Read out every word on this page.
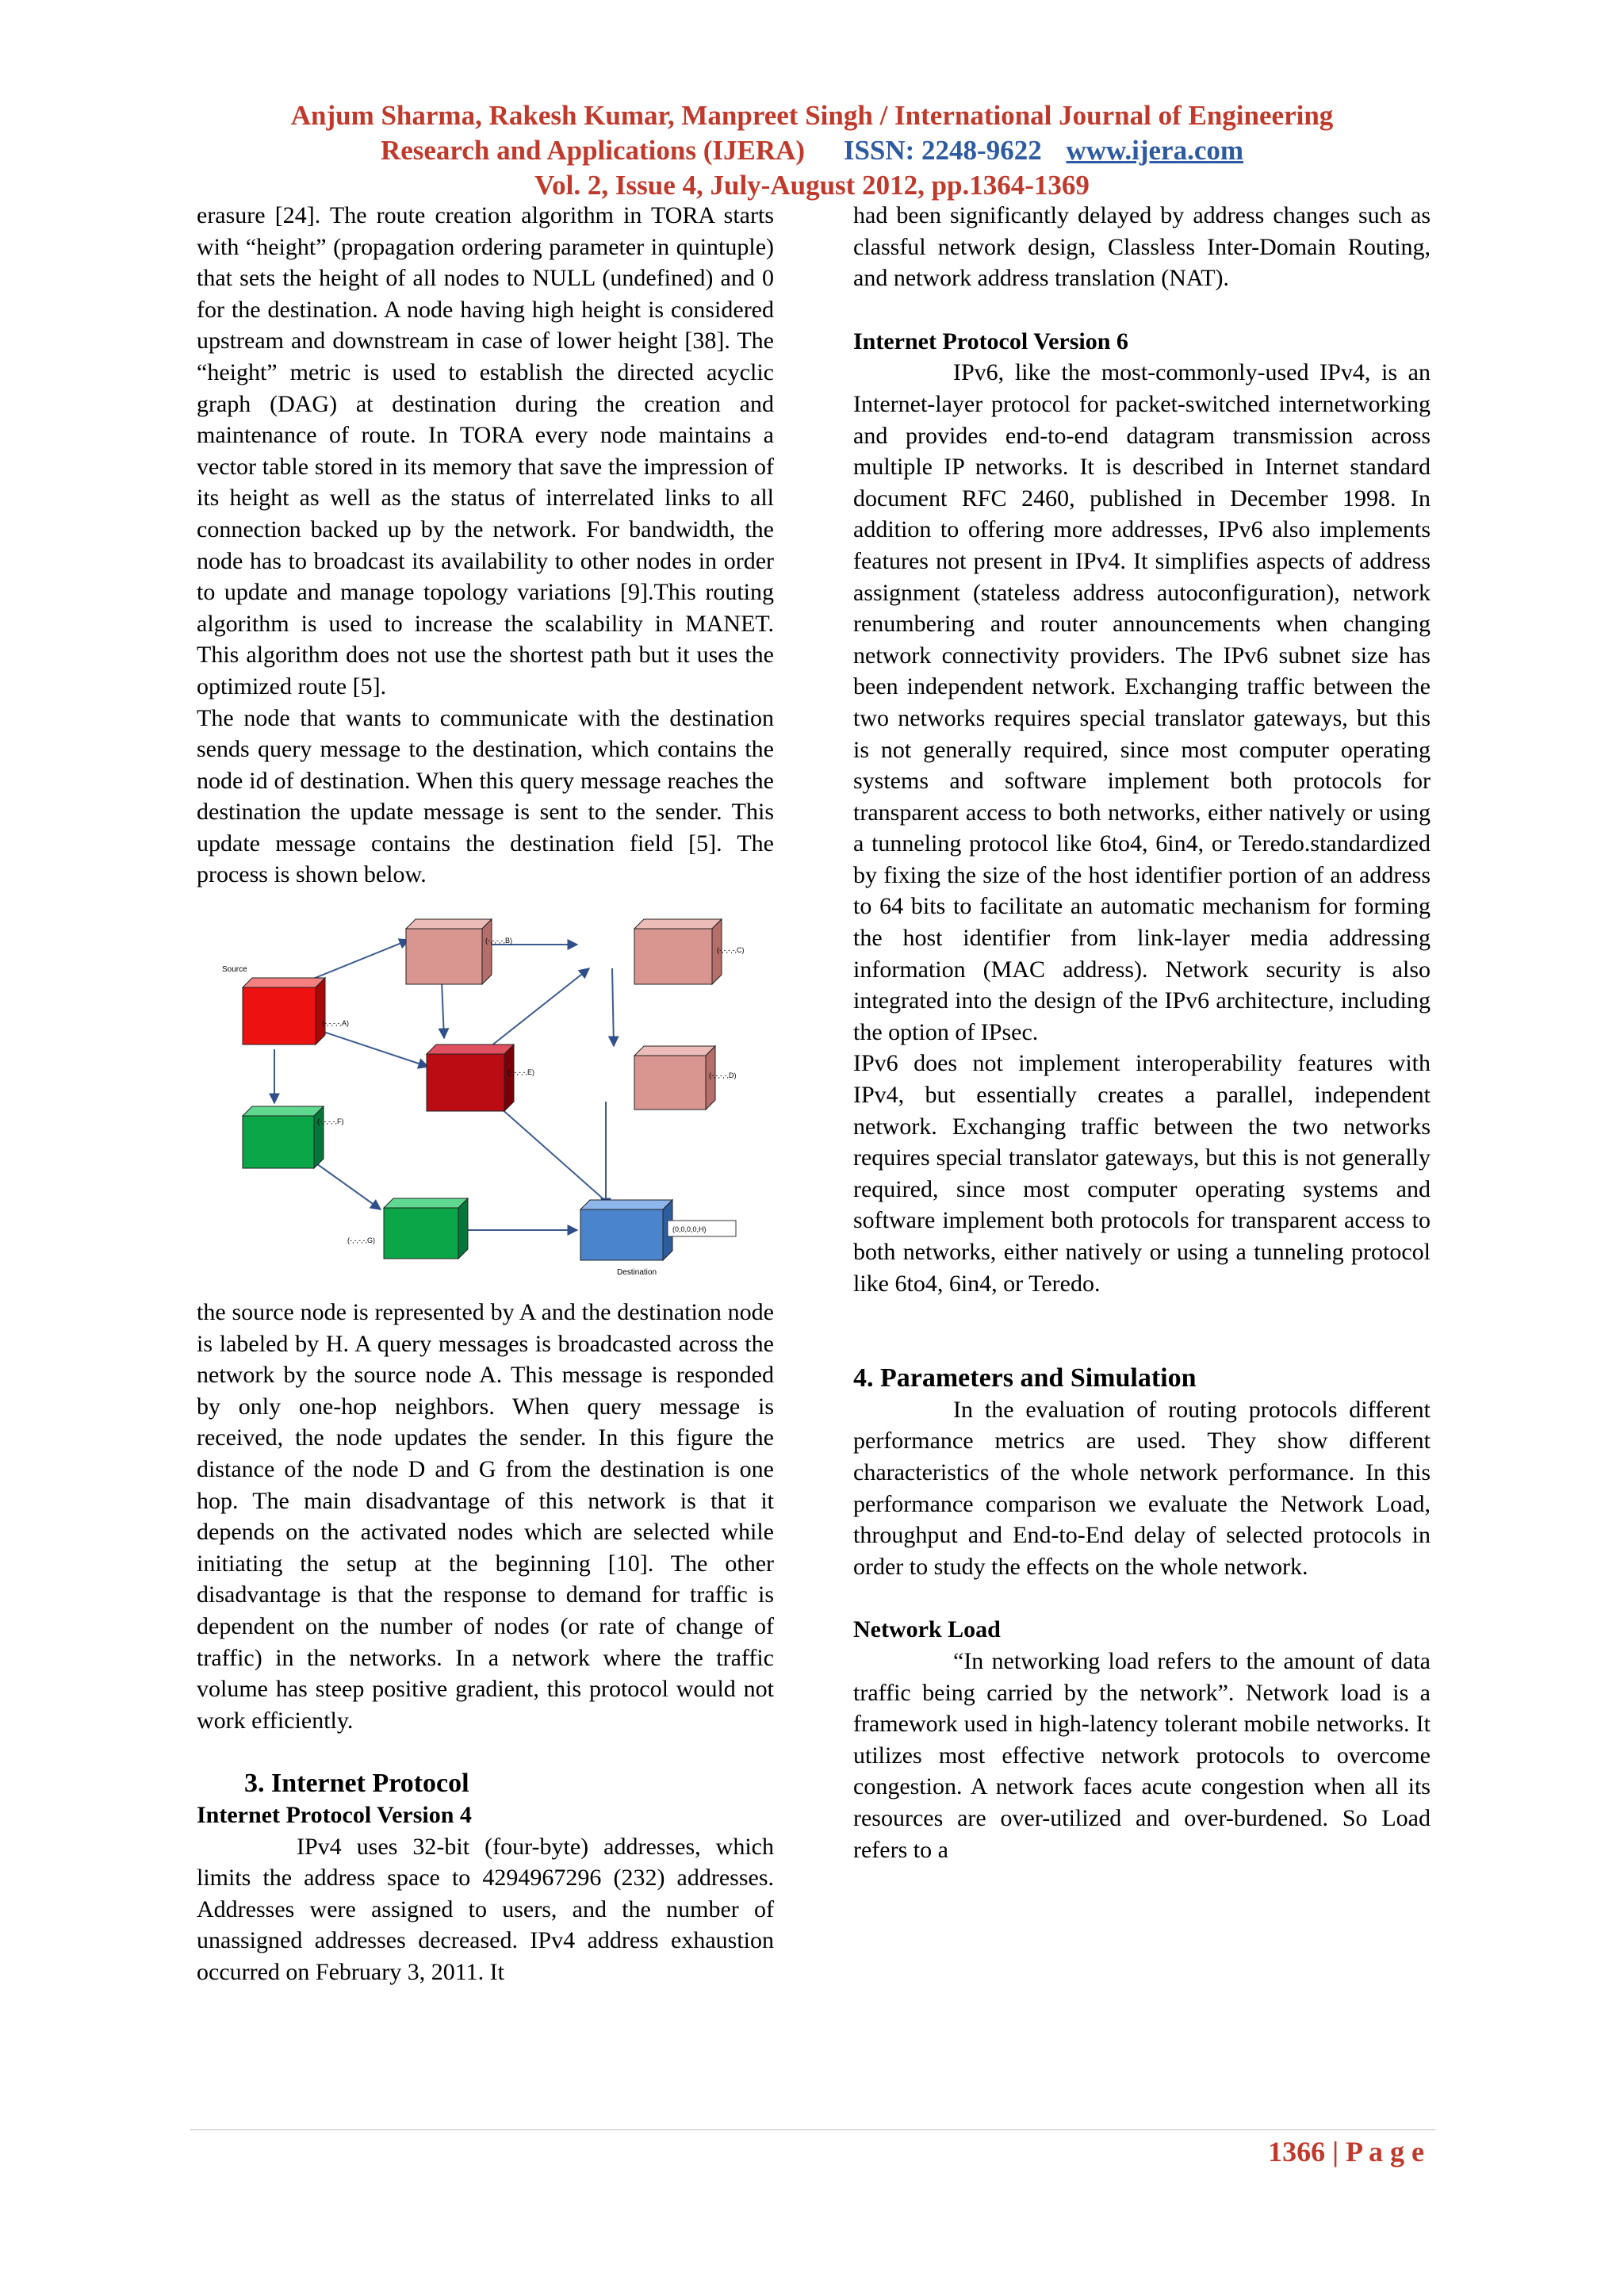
Anjum Sharma, Rakesh Kumar, Manpreet Singh / International Journal of Engineering
Research and Applications (IJERA) ISSN: 2248-9622 www.ijera.com
Vol. 2, Issue 4, July-August 2012, pp.1364-1369

erasure [24]. The route creation algorithm in TORA starts with “height” (propagation ordering parameter in quintuple) that sets the height of all nodes to NULL (undefined) and 0 for the destination. A node having high height is considered upstream and downstream in case of lower height [38]. The “height” metric is used to establish the directed acyclic graph (DAG) at destination during the creation and maintenance of route. In TORA every node maintains a vector table stored in its memory that save the impression of its height as well as the status of interrelated links to all connection backed up by the network. For bandwidth, the node has to broadcast its availability to other nodes in order to update and manage topology variations [9].This routing algorithm is used to increase the scalability in MANET. This algorithm does not use the shortest path but it uses the optimized route [5].

The node that wants to communicate with the destination sends query message to the destination, which contains the node id of destination. When this query message reaches the destination the update message is sent to the sender. This update message contains the destination field [5]. The process is shown below.

Source
(-,-,-,-,A)
(-,-,-,-,B)
(-,-,-,-,C)
(-,-,-,-,E)	(-,-,-,-,D)
(-,-,-,-,F)
(-,-,-,-,G)
(0,0,0,0,H)
Destination

the source node is represented by A and the destination node is labeled by H. A query messages is broadcasted across the network by the source node A. This message is responded by only one-hop neighbors. When query message is received, the node updates the sender. In this figure the distance of the node D and G from the destination is one hop. The main disadvantage of this network is that it depends on the activated nodes which are selected while initiating the setup at the beginning [10]. The other disadvantage is that the response to demand for traffic is dependent on the number of nodes (or rate of change of traffic) in the networks. In a network where the traffic volume has steep positive gradient, this protocol would not work efficiently.

3. Internet Protocol

Internet Protocol Version 4

IPv4 uses 32-bit (four-byte) addresses, which limits the address space to 4294967296 (232) addresses. Addresses were assigned to users, and the number of unassigned addresses decreased. IPv4 address exhaustion occurred on February 3, 2011. It

had been significantly delayed by address changes such as classful network design, Classless Inter-Domain Routing, and network address translation (NAT).

Internet Protocol Version 6

IPv6, like the most-commonly-used IPv4, is an Internet-layer protocol for packet-switched internetworking and provides end-to-end datagram transmission across multiple IP networks. It is described in Internet standard document RFC 2460, published in December 1998. In addition to offering more addresses, IPv6 also implements features not present in IPv4. It simplifies aspects of address assignment (stateless address autoconfiguration), network renumbering and router announcements when changing network connectivity providers. The IPv6 subnet size has been independent network. Exchanging traffic between the two networks requires special translator gateways, but this is not generally required, since most computer operating systems and software implement both protocols for transparent access to both networks, either natively or using a tunneling protocol like 6to4, 6in4, or Teredo.standardized by fixing the size of the host identifier portion of an address to 64 bits to facilitate an automatic mechanism for forming the host identifier from link-layer media addressing information (MAC address). Network security is also integrated into the design of the IPv6 architecture, including the option of IPsec.

IPv6 does not implement interoperability features with IPv4, but essentially creates a parallel, independent network. Exchanging traffic between the two networks requires special translator gateways, but this is not generally required, since most computer operating systems and software implement both protocols for transparent access to both networks, either natively or using a tunneling protocol like 6to4, 6in4, or Teredo.

4. Parameters and Simulation

In the evaluation of routing protocols different performance metrics are used. They show different characteristics of the whole network performance. In this performance comparison we evaluate the Network Load, throughput and End-to-End delay of selected protocols in order to study the effects on the whole network.

Network Load

“In networking load refers to the amount of data traffic being carried by the network”. Network load is a framework used in high-latency tolerant mobile networks. It utilizes most effective network protocols to overcome congestion. A network faces acute congestion when all its resources are over-utilized and over-burdened. So Load refers to a

1366 | P a g e
